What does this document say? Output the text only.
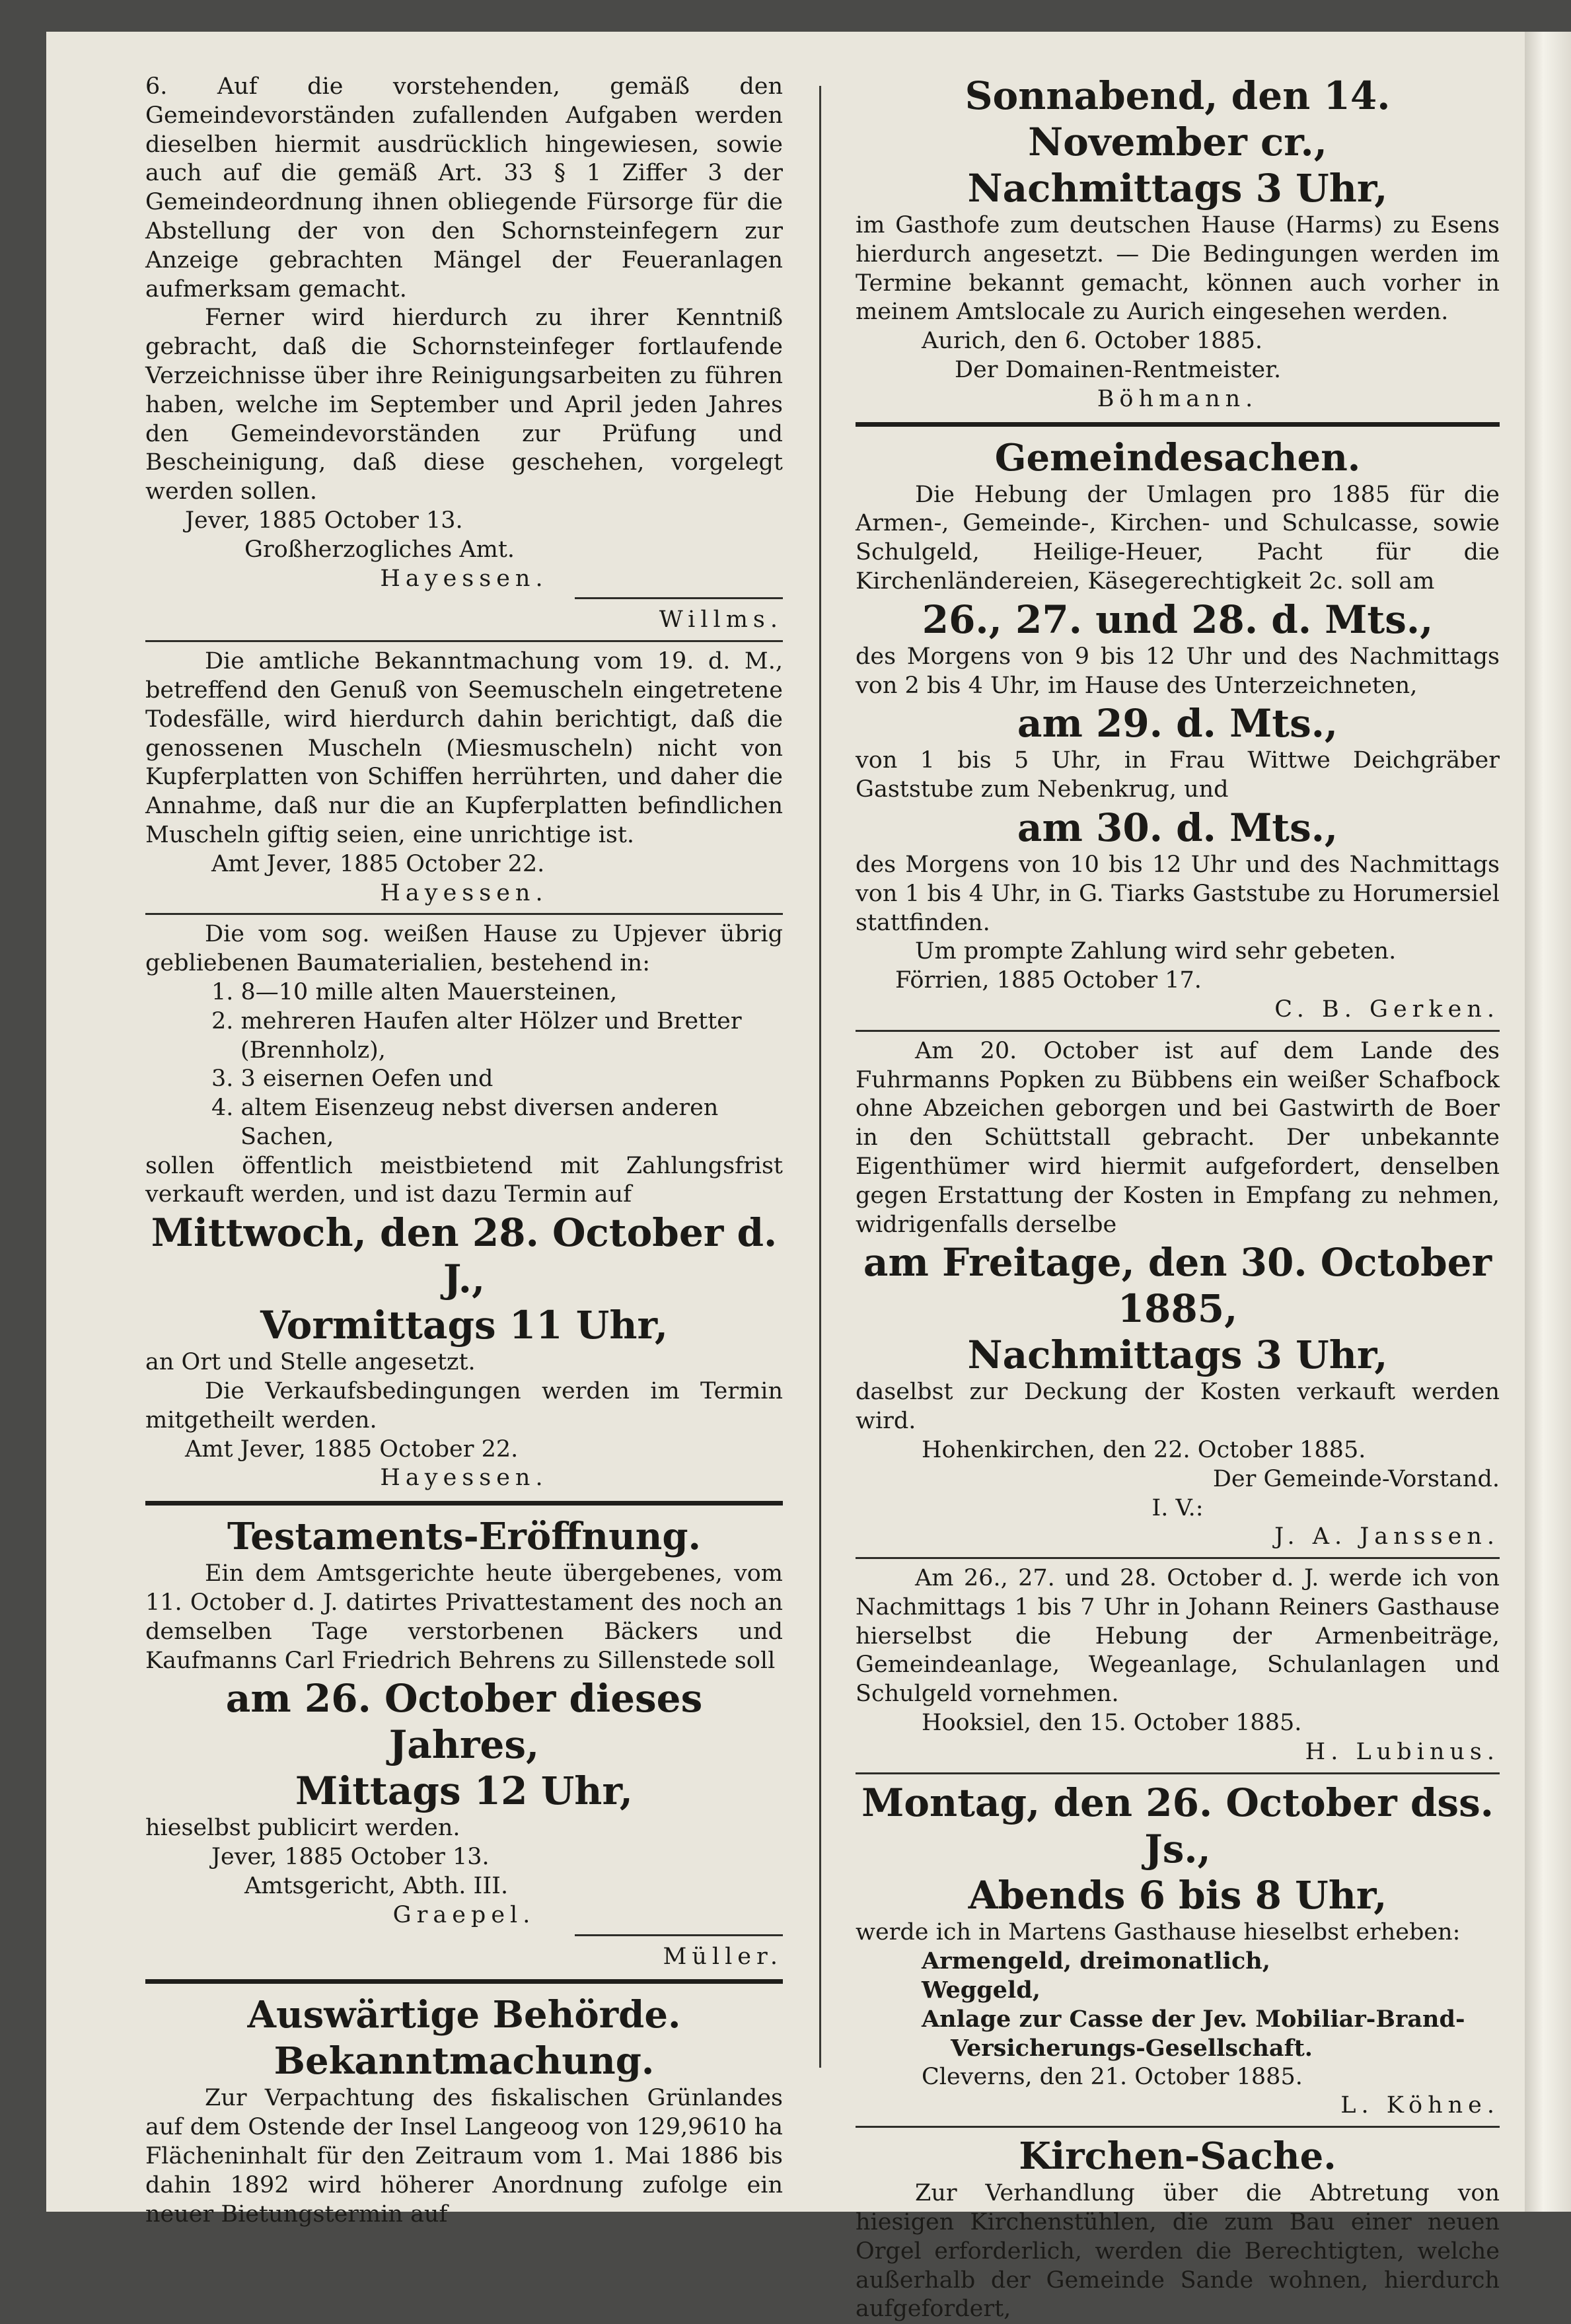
6. Auf die vorstehenden, gemäß den Gemeindevorständen zufallenden Aufgaben werden dieselben hiermit ausdrücklich hingewiesen, sowie auch auf die gemäß Art. 33 § 1 Ziffer 3 der Gemeindeordnung ihnen obliegende Fürsorge für die Abstellung der von den Schornsteinfegern zur Anzeige gebrachten Mängel der Feueranlagen aufmerksam gemacht.

Ferner wird hierdurch zu ihrer Kenntniß gebracht, daß die Schornsteinfeger fortlaufende Verzeichnisse über ihre Reinigungsarbeiten zu führen haben, welche im September und April jeden Jahres den Gemeindevorständen zur Prüfung und Bescheinigung, daß diese geschehen, vorgelegt werden sollen.

Jever, 1885 October 13.

Großherzogliches Amt.

Hayessen.

Willms.

Die amtliche Bekanntmachung vom 19. d. M., betreffend den Genuß von Seemuscheln eingetretene Todesfälle, wird hierdurch dahin berichtigt, daß die genossenen Muscheln (Miesmuscheln) nicht von Kupferplatten von Schiffen herrührten, und daher die Annahme, daß nur die an Kupferplatten befindlichen Muscheln giftig seien, eine unrichtige ist.

Amt Jever, 1885 October 22.

Hayessen.

Die vom sog. weißen Hause zu Upjever übrig gebliebenen Baumaterialien, bestehend in:

1. 8—10 mille alten Mauersteinen,
2. mehreren Haufen alter Hölzer und Bretter (Brennholz),
3. 3 eisernen Oefen und
4. altem Eisenzeug nebst diversen anderen Sachen,

sollen öffentlich meistbietend mit Zahlungsfrist verkauft werden, und ist dazu Termin auf

Mittwoch, den 28. October d. J.,

Vormittags 11 Uhr,

an Ort und Stelle angesetzt.

Die Verkaufsbedingungen werden im Termin mitgetheilt werden.

Amt Jever, 1885 October 22.

Hayessen.

Testaments-Eröffnung.

Ein dem Amtsgerichte heute übergebenes, vom 11. October d. J. datirtes Privattestament des noch an demselben Tage verstorbenen Bäckers und Kaufmanns Carl Friedrich Behrens zu Sillenstede soll

am 26. October dieses Jahres,

Mittags 12 Uhr,

hieselbst publicirt werden.

Jever, 1885 October 13.

Amtsgericht, Abth. III.

Graepel.

Müller.

Auswärtige Behörde.

Bekanntmachung.

Zur Verpachtung des fiskalischen Grünlandes auf dem Ostende der Insel Langeoog von 129,9610 ha Flächeninhalt für den Zeitraum vom 1. Mai 1886 bis dahin 1892 wird höherer Anordnung zufolge ein neuer Bietungstermin auf

Sonnabend, den 14. November cr.,

Nachmittags 3 Uhr,

im Gasthofe zum deutschen Hause (Harms) zu Esens hierdurch angesetzt. — Die Bedingungen werden im Termine bekannt gemacht, können auch vorher in meinem Amtslocale zu Aurich eingesehen werden.

Aurich, den 6. October 1885.

Der Domainen-Rentmeister.

Böhmann.

Gemeindesachen.

Die Hebung der Umlagen pro 1885 für die Armen-, Gemeinde-, Kirchen- und Schulcasse, sowie Schulgeld, Heilige-Heuer, Pacht für die Kirchenländereien, Käsegerechtigkeit 2c. soll am

26., 27. und 28. d. Mts.,

des Morgens von 9 bis 12 Uhr und des Nachmittags von 2 bis 4 Uhr, im Hause des Unterzeichneten,

am 29. d. Mts.,

von 1 bis 5 Uhr, in Frau Wittwe Deichgräber Gaststube zum Nebenkrug, und

am 30. d. Mts.,

des Morgens von 10 bis 12 Uhr und des Nachmittags von 1 bis 4 Uhr, in G. Tiarks Gaststube zu Horumersiel stattfinden.

Um prompte Zahlung wird sehr gebeten.

Förrien, 1885 October 17.

C. B. Gerken.

Am 20. October ist auf dem Lande des Fuhrmanns Popken zu Bübbens ein weißer Schafbock ohne Abzeichen geborgen und bei Gastwirth de Boer in den Schüttstall gebracht. Der unbekannte Eigenthümer wird hiermit aufgefordert, denselben gegen Erstattung der Kosten in Empfang zu nehmen, widrigenfalls derselbe

am Freitage, den 30. October 1885,

Nachmittags 3 Uhr,

daselbst zur Deckung der Kosten verkauft werden wird.

Hohenkirchen, den 22. October 1885.

Der Gemeinde-Vorstand.

I. V.:

J. A. Janssen.

Am 26., 27. und 28. October d. J. werde ich von Nachmittags 1 bis 7 Uhr in Johann Reiners Gasthause hierselbst die Hebung der Armenbeiträge, Gemeindeanlage, Wegeanlage, Schulanlagen und Schulgeld vornehmen.

Hooksiel, den 15. October 1885.

H. Lubinus.

Montag, den 26. October dss. Js.,

Abends 6 bis 8 Uhr,

werde ich in Martens Gasthause hieselbst erheben:

Armengeld, dreimonatlich,
Weggeld,
Anlage zur Casse der Jev. Mobiliar-Brand-Versicherungs-Gesellschaft.

Cleverns, den 21. October 1885.

L. Köhne.

Kirchen-Sache.

Zur Verhandlung über die Abtretung von hiesigen Kirchenstühlen, die zum Bau einer neuen Orgel erforderlich, werden die Berechtigten, welche außerhalb der Gemeinde Sande wohnen, hierdurch aufgefordert,
